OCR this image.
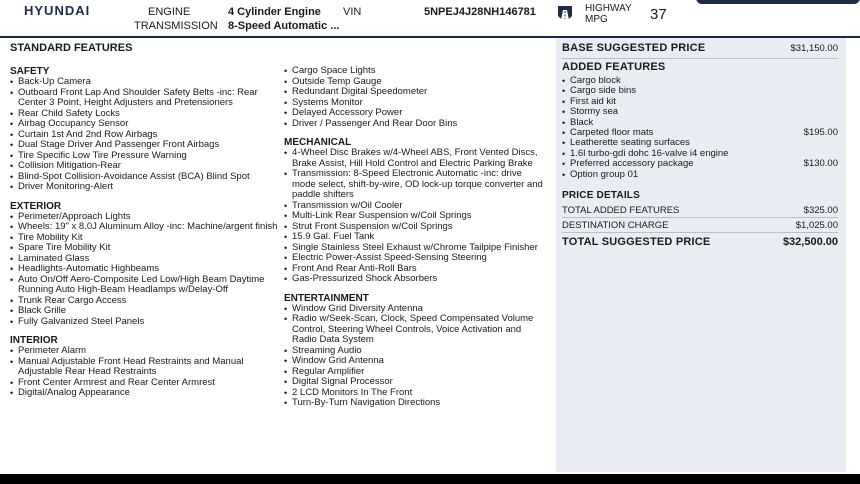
HYUNDAI	ENGINE	4 Cylinder Engine
TRANSMISSION 8-Speed Automatic ...
VIN	5NPEJ4J28NH146781	HIGHWAY
MPG	37
STANDARD FEATURES
SAFETY
• Back-Up Camera
• Outboard Front Lap And Shoulder Safety Belts -inc: Rear Center 3 Point, Height Adjusters and Pretensioners
• Rear Child Safety Locks
• Airbag Occupancy Sensor
• Curtain 1st And 2nd Row Airbags
• Dual Stage Driver And Passenger Front Airbags
• Tire Specific Low Tire Pressure Warning
• Collision Mitigation-Rear
• Blind-Spot Collision-Avoidance Assist (BCA) Blind Spot
• Driver Monitoring-Alert
EXTERIOR
• Perimeter/Approach Lights
• Wheels: 19" x 8.0J Aluminum Alloy -inc: Machine/argent finish
• Tire Mobility Kit
• Spare Tire Mobility Kit
• Laminated Glass
• Headlights-Automatic Highbeams
• Auto On/Off Aero-Composite Led Low/High Beam Daytime Running Auto High-Beam Headlamps w/Delay-Off
• Trunk Rear Cargo Access
• Black Grille
• Fully Galvanized Steel Panels
INTERIOR
• Perimeter Alarm
• Manual Adjustable Front Head Restraints and Manual Adjustable Rear Head Restraints
• Front Center Armrest and Rear Center Armrest
• Digital/Analog Appearance
• Cargo Space Lights
• Outside Temp Gauge
• Redundant Digital Speedometer
• Systems Monitor
• Delayed Accessory Power
• Driver / Passenger And Rear Door Bins
MECHANICAL
• 4-Wheel Disc Brakes w/4-Wheel ABS, Front Vented Discs, Brake Assist, Hill Hold Control and Electric Parking Brake
• Transmission: 8-Speed Electronic Automatic -inc: drive mode select, shift-by-wire, OD lock-up torque converter and paddle shifters
• Transmission w/Oil Cooler
• Multi-Link Rear Suspension w/Coil Springs
• Strut Front Suspension w/Coil Springs
• 15.9 Gal. Fuel Tank
• Single Stainless Steel Exhaust w/Chrome Tailpipe Finisher
• Electric Power-Assist Speed-Sensing Steering
• Front And Rear Anti-Roll Bars
• Gas-Pressurized Shock Absorbers
ENTERTAINMENT
• Window Grid Diversity Antenna
• Radio w/Seek-Scan, Clock, Speed Compensated Volume Control, Steering Wheel Controls, Voice Activation and Radio Data System
• Streaming Audio
• Window Grid Antenna
• Regular Amplifier
• Digital Signal Processor
• 2 LCD Monitors In The Front
• Turn-By-Turn Navigation Directions
BASE SUGGESTED PRICE	$31,150.00
ADDED FEATURES
• Cargo block
• Cargo side bins
• First aid kit
• Stormy sea
• Black
• Carpeted floor mats	$195.00
• Leatherette seating surfaces
• 1.6l turbo-gdi dohc 16-valve i4 engine
• Preferred accessory package	$130.00
• Option group 01
PRICE DETAILS
TOTAL ADDED FEATURES	$325.00
DESTINATION CHARGE	$1,025.00
TOTAL SUGGESTED PRICE	$32,500.00
